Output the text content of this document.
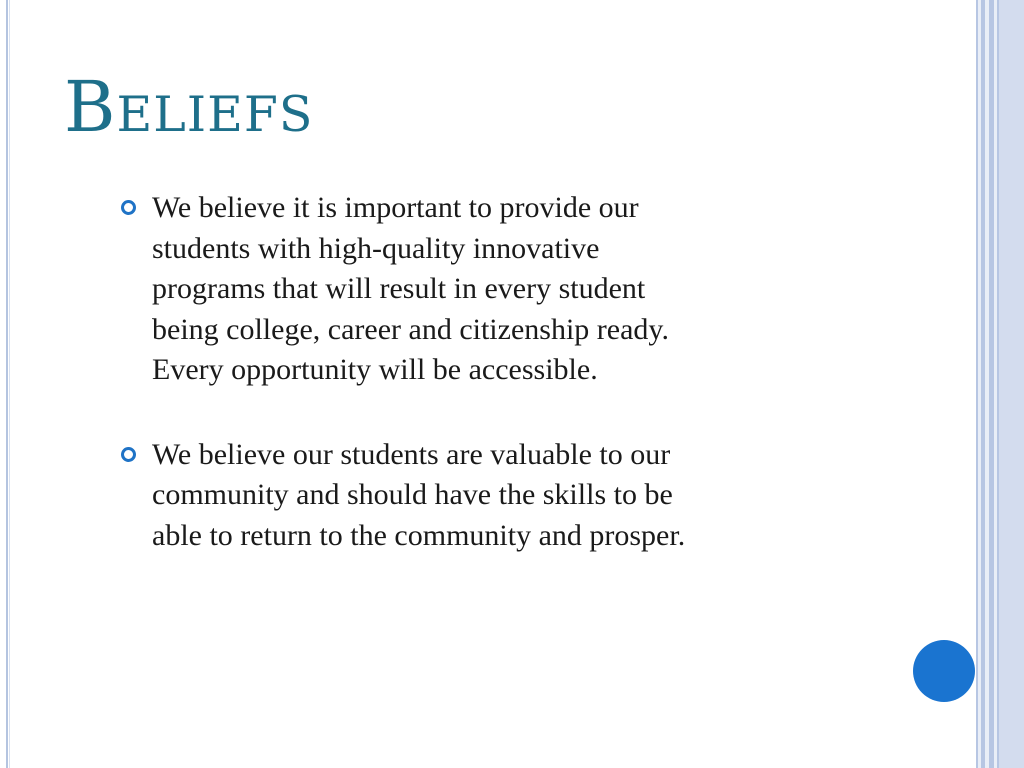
Beliefs

We believe it is important to provide our
students with high-quality innovative
programs that will result in every student
being college, career and citizenship ready.
Every opportunity will be accessible.

We believe our students are valuable to our
community and should have the skills to be
able to return to the community and prosper.
